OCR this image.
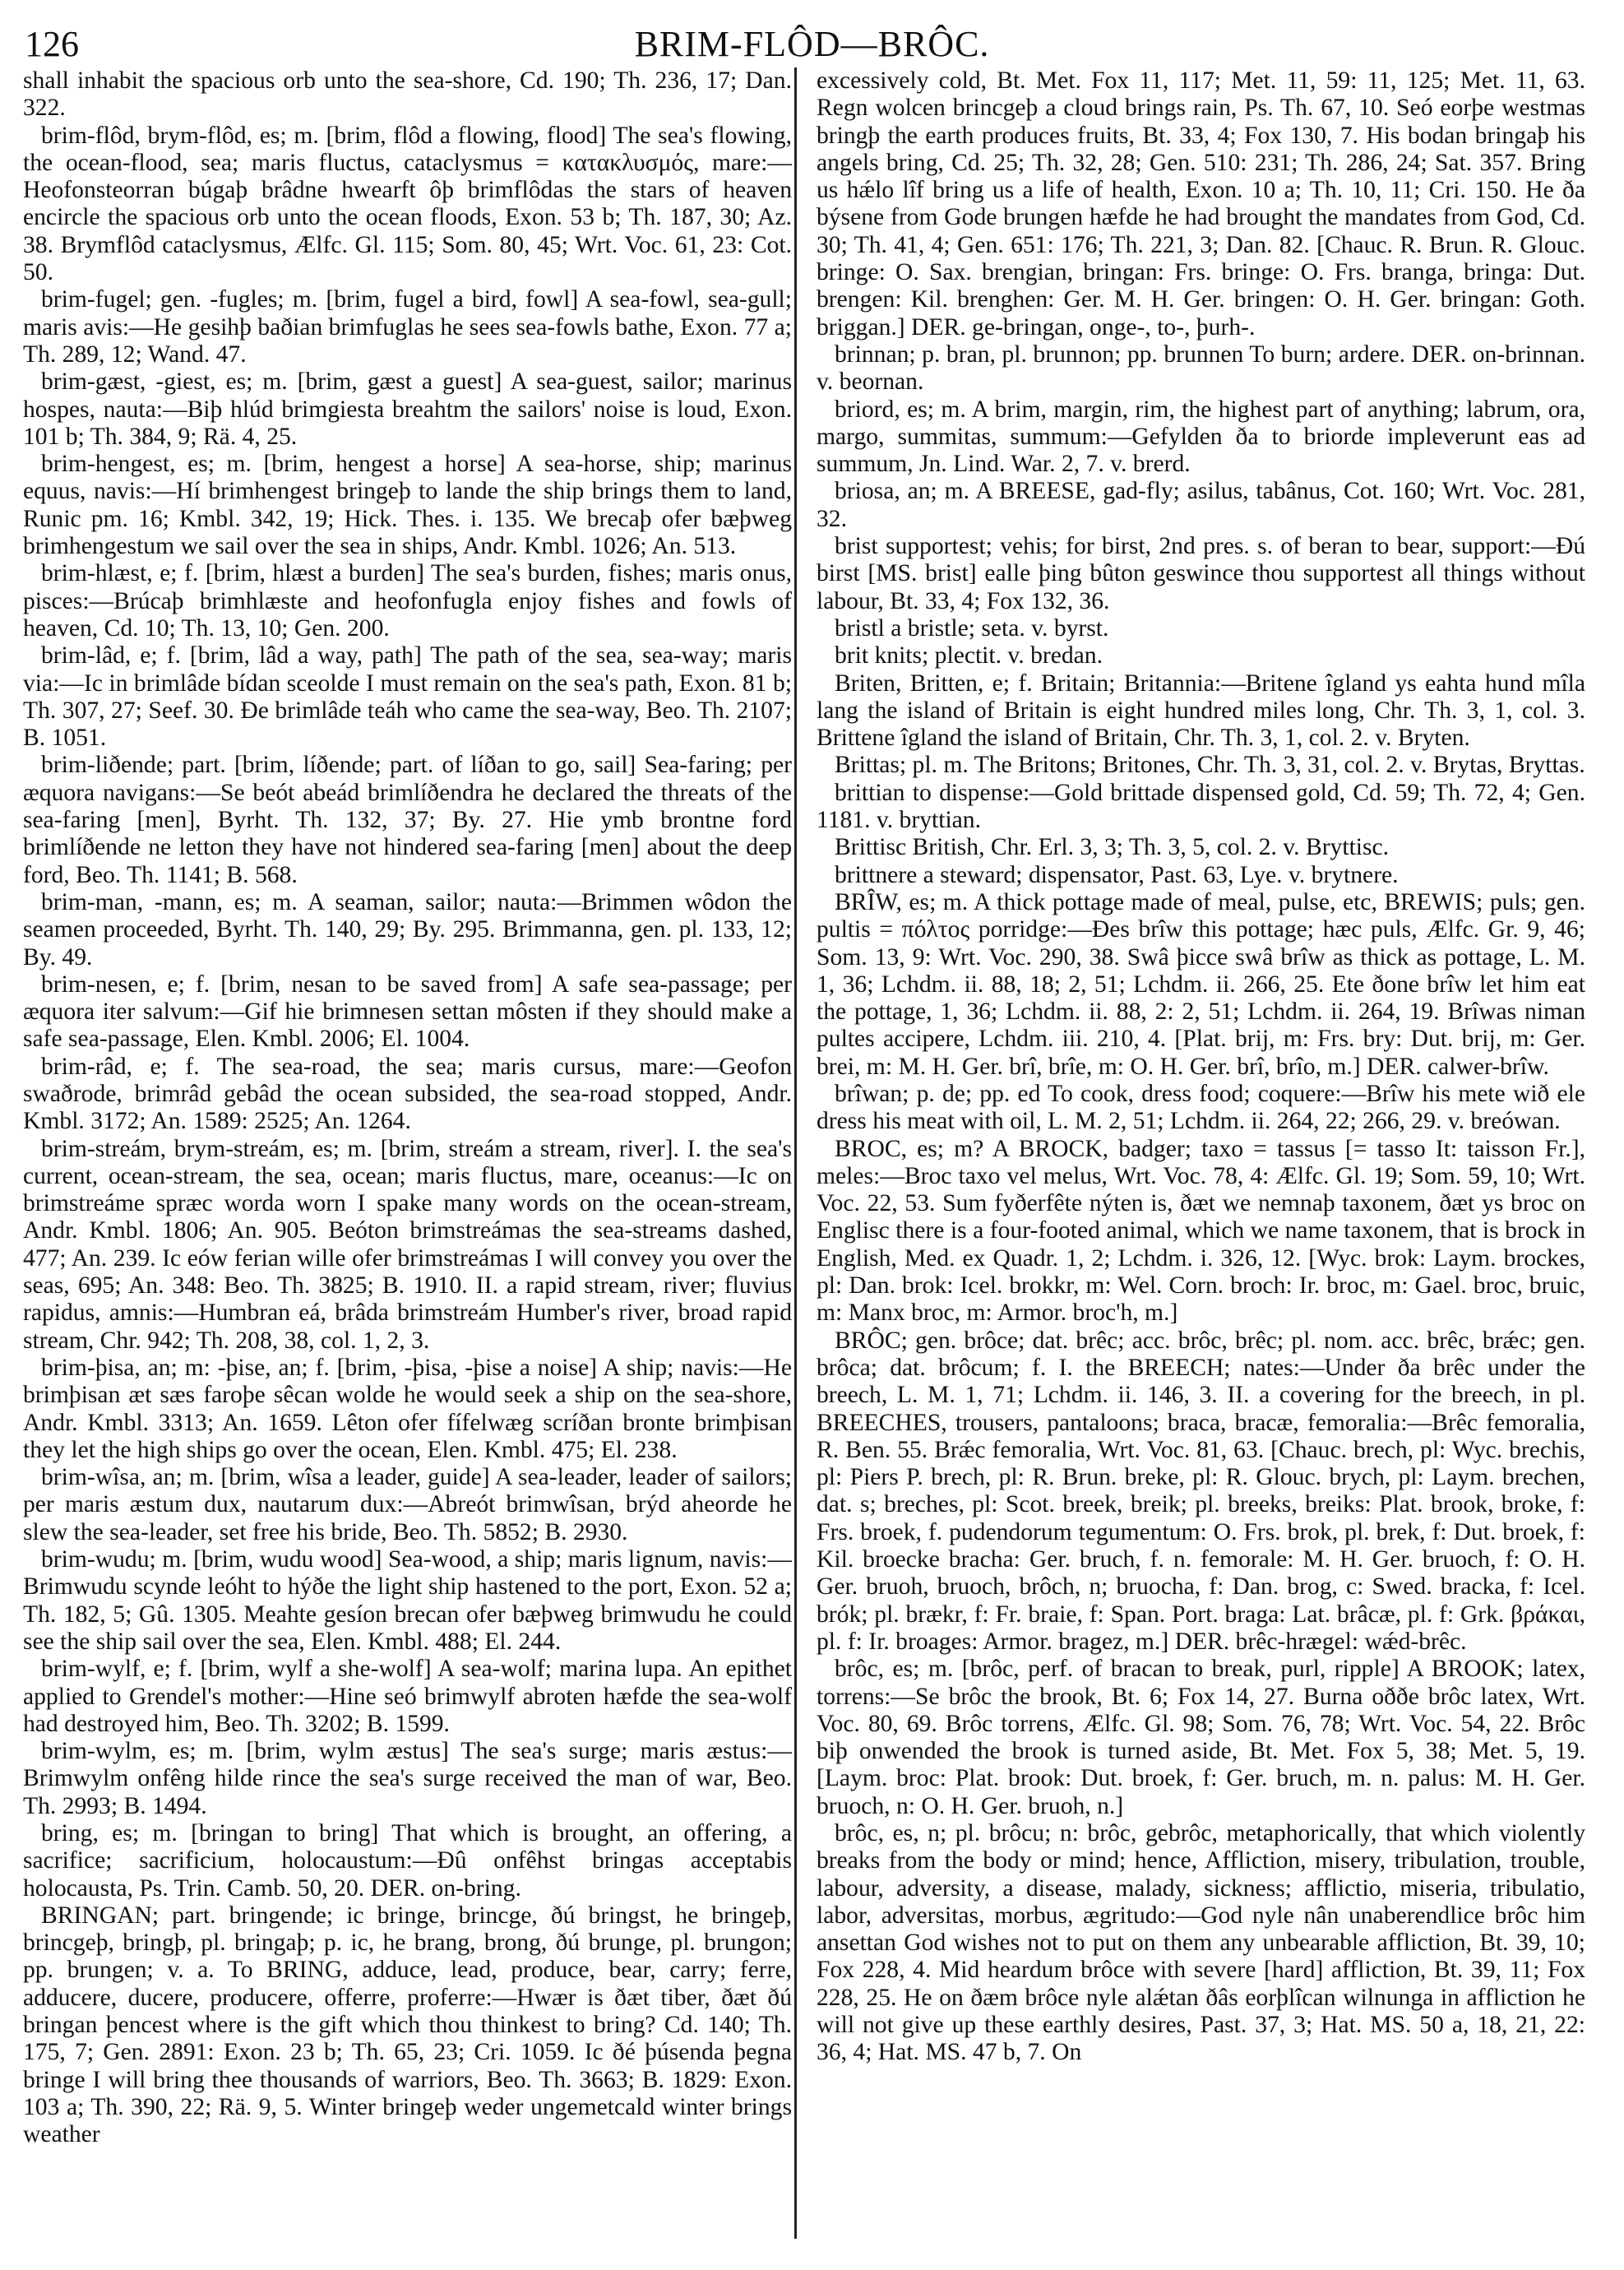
126	BRIM-FLÔD—BRÔC.

shall inhabit the spacious orb unto the sea-shore, Cd. 190; Th. 236, 17; Dan. 322.

brim-flôd, brym-flôd, es; m. [brim, flôd a flowing, flood] The sea's flowing, the ocean-flood, sea; maris fluctus, cataclysmus = κατακλυσμός, mare:—Heofonsteorran búgaþ brâdne hwearft ôþ brimflôdas the stars of heaven encircle the spacious orb unto the ocean floods, Exon. 53 b; Th. 187, 30; Az. 38. Brymflôd cataclysmus, Ælfc. Gl. 115; Som. 80, 45; Wrt. Voc. 61, 23: Cot. 50.

brim-fugel; gen. -fugles; m. [brim, fugel a bird, fowl] A sea-fowl, sea-gull; maris avis:—He gesihþ baðian brimfuglas he sees sea-fowls bathe, Exon. 77 a; Th. 289, 12; Wand. 47.

brim-gæst, -giest, es; m. [brim, gæst a guest] A sea-guest, sailor; marinus hospes, nauta:—Biþ hlúd brimgiesta breahtm the sailors' noise is loud, Exon. 101 b; Th. 384, 9; Rä. 4, 25.

brim-hengest, es; m. [brim, hengest a horse] A sea-horse, ship; marinus equus, navis:—Hí brimhengest bringeþ to lande the ship brings them to land, Runic pm. 16; Kmbl. 342, 19; Hick. Thes. i. 135. We brecaþ ofer bæþweg brimhengestum we sail over the sea in ships, Andr. Kmbl. 1026; An. 513.

brim-hlæst, e; f. [brim, hlæst a burden] The sea's burden, fishes; maris onus, pisces:—Brúcaþ brimhlæste and heofonfugla enjoy fishes and fowls of heaven, Cd. 10; Th. 13, 10; Gen. 200.

brim-lâd, e; f. [brim, lâd a way, path] The path of the sea, sea-way; maris via:—Ic in brimlâde bídan sceolde I must remain on the sea's path, Exon. 81 b; Th. 307, 27; Seef. 30. Ðe brimlâde teáh who came the sea-way, Beo. Th. 2107; B. 1051.

brim-liðende; part. [brim, líðende; part. of líðan to go, sail] Sea-faring; per æquora navigans:—Se beót abeád brimlíðendra he declared the threats of the sea-faring [men], Byrht. Th. 132, 37; By. 27. Hie ymb brontne ford brimlíðende ne letton they have not hindered sea-faring [men] about the deep ford, Beo. Th. 1141; B. 568.

brim-man, -mann, es; m. A seaman, sailor; nauta:—Brimmen wôdon the seamen proceeded, Byrht. Th. 140, 29; By. 295. Brimmanna, gen. pl. 133, 12; By. 49.

brim-nesen, e; f. [brim, nesan to be saved from] A safe sea-passage; per æquora iter salvum:—Gif hie brimnesen settan môsten if they should make a safe sea-passage, Elen. Kmbl. 2006; El. 1004.

brim-râd, e; f. The sea-road, the sea; maris cursus, mare:—Geofon swaðrode, brimrâd gebâd the ocean subsided, the sea-road stopped, Andr. Kmbl. 3172; An. 1589: 2525; An. 1264.

brim-streám, brym-streám, es; m. [brim, streám a stream, river]. I. the sea's current, ocean-stream, the sea, ocean; maris fluctus, mare, oceanus:—Ic on brimstreáme spræc worda worn I spake many words on the ocean-stream, Andr. Kmbl. 1806; An. 905. Beóton brimstreámas the sea-streams dashed, 477; An. 239. Ic eów ferian wille ofer brimstreámas I will convey you over the seas, 695; An. 348: Beo. Th. 3825; B. 1910. II. a rapid stream, river; fluvius rapidus, amnis:—Humbran eá, brâda brimstreám Humber's river, broad rapid stream, Chr. 942; Th. 208, 38, col. 1, 2, 3.

brim-þisa, an; m: -þise, an; f. [brim, -þisa, -þise a noise] A ship; navis:—He brimþisan æt sæs faroþe sêcan wolde he would seek a ship on the sea-shore, Andr. Kmbl. 3313; An. 1659. Lêton ofer fífelwæg scríðan bronte brimþisan they let the high ships go over the ocean, Elen. Kmbl. 475; El. 238.

brim-wîsa, an; m. [brim, wîsa a leader, guide] A sea-leader, leader of sailors; per maris æstum dux, nautarum dux:—Abreót brimwîsan, brýd aheorde he slew the sea-leader, set free his bride, Beo. Th. 5852; B. 2930.

brim-wudu; m. [brim, wudu wood] Sea-wood, a ship; maris lignum, navis:—Brimwudu scynde leóht to hýðe the light ship hastened to the port, Exon. 52 a; Th. 182, 5; Gû. 1305. Meahte gesíon brecan ofer bæþweg brimwudu he could see the ship sail over the sea, Elen. Kmbl. 488; El. 244.

brim-wylf, e; f. [brim, wylf a she-wolf] A sea-wolf; marina lupa. An epithet applied to Grendel's mother:—Hine seó brimwylf abroten hæfde the sea-wolf had destroyed him, Beo. Th. 3202; B. 1599.

brim-wylm, es; m. [brim, wylm æstus] The sea's surge; maris æstus:—Brimwylm onfêng hilde rince the sea's surge received the man of war, Beo. Th. 2993; B. 1494.

bring, es; m. [bringan to bring] That which is brought, an offering, a sacrifice; sacrificium, holocaustum:—Ðû onfêhst bringas acceptabis holocausta, Ps. Trin. Camb. 50, 20. DER. on-bring.

BRINGAN; part. bringende; ic bringe, brincge, ðú bringst, he bringeþ, brincgeþ, bringþ, pl. bringaþ; p. ic, he brang, brong, ðú brunge, pl. brungon; pp. brungen; v. a. To BRING, adduce, lead, produce, bear, carry; ferre, adducere, ducere, producere, offerre, proferre:—Hwær is ðæt tiber, ðæt ðú bringan þencest where is the gift which thou thinkest to bring? Cd. 140; Th. 175, 7; Gen. 2891: Exon. 23 b; Th. 65, 23; Cri. 1059. Ic ðé þúsenda þegna bringe I will bring thee thousands of warriors, Beo. Th. 3663; B. 1829: Exon. 103 a; Th. 390, 22; Rä. 9, 5. Winter bringeþ weder ungemetcald winter brings weather

excessively cold, Bt. Met. Fox 11, 117; Met. 11, 59: 11, 125; Met. 11, 63. Regn wolcen brincgeþ a cloud brings rain, Ps. Th. 67, 10. Seó eorþe westmas bringþ the earth produces fruits, Bt. 33, 4; Fox 130, 7. His bodan bringaþ his angels bring, Cd. 25; Th. 32, 28; Gen. 510: 231; Th. 286, 24; Sat. 357. Bring us hǽlo lîf bring us a life of health, Exon. 10 a; Th. 10, 11; Cri. 150. He ða býsene from Gode brungen hæfde he had brought the mandates from God, Cd. 30; Th. 41, 4; Gen. 651: 176; Th. 221, 3; Dan. 82. [Chauc. R. Brun. R. Glouc. bringe: O. Sax. brengian, bringan: Frs. bringe: O. Frs. branga, bringa: Dut. brengen: Kil. brenghen: Ger. M. H. Ger. bringen: O. H. Ger. bringan: Goth. briggan.] DER. ge-bringan, onge-, to-, þurh-.

brinnan; p. bran, pl. brunnon; pp. brunnen To burn; ardere. DER. on-brinnan. v. beornan.

briord, es; m. A brim, margin, rim, the highest part of anything; labrum, ora, margo, summitas, summum:—Gefylden ða to briorde impleverunt eas ad summum, Jn. Lind. War. 2, 7. v. brerd.

briosa, an; m. A BREESE, gad-fly; asilus, tabânus, Cot. 160; Wrt. Voc. 281, 32.

brist supportest; vehis; for birst, 2nd pres. s. of beran to bear, support:—Ðú birst [MS. brist] ealle þing bûton geswince thou supportest all things without labour, Bt. 33, 4; Fox 132, 36.

bristl a bristle; seta. v. byrst.

brit knits; plectit. v. bredan.

Briten, Britten, e; f. Britain; Britannia:—Britene îgland ys eahta hund mîla lang the island of Britain is eight hundred miles long, Chr. Th. 3, 1, col. 3. Brittene îgland the island of Britain, Chr. Th. 3, 1, col. 2. v. Bryten.

Brittas; pl. m. The Britons; Britones, Chr. Th. 3, 31, col. 2. v. Brytas, Bryttas.

brittian to dispense:—Gold brittade dispensed gold, Cd. 59; Th. 72, 4; Gen. 1181. v. bryttian.

Brittisc British, Chr. Erl. 3, 3; Th. 3, 5, col. 2. v. Bryttisc.

brittnere a steward; dispensator, Past. 63, Lye. v. brytnere.

BRÎW, es; m. A thick pottage made of meal, pulse, etc, BREWIS; puls; gen. pultis = πόλτος porridge:—Ðes brîw this pottage; hæc puls, Ælfc. Gr. 9, 46; Som. 13, 9: Wrt. Voc. 290, 38. Swâ þicce swâ brîw as thick as pottage, L. M. 1, 36; Lchdm. ii. 88, 18; 2, 51; Lchdm. ii. 266, 25. Ete ðone brîw let him eat the pottage, 1, 36; Lchdm. ii. 88, 2: 2, 51; Lchdm. ii. 264, 19. Brîwas niman pultes accipere, Lchdm. iii. 210, 4. [Plat. brij, m: Frs. bry: Dut. brij, m: Ger. brei, m: M. H. Ger. brî, brîe, m: O. H. Ger. brî, brîo, m.] DER. calwer-brîw.

brîwan; p. de; pp. ed To cook, dress food; coquere:—Brîw his mete wið ele dress his meat with oil, L. M. 2, 51; Lchdm. ii. 264, 22; 266, 29. v. breówan.

BROC, es; m? A BROCK, badger; taxo = tassus [= tasso It: taisson Fr.], meles:—Broc taxo vel melus, Wrt. Voc. 78, 4: Ælfc. Gl. 19; Som. 59, 10; Wrt. Voc. 22, 53. Sum fyðerfête nýten is, ðæt we nemnaþ taxonem, ðæt ys broc on Englisc there is a four-footed animal, which we name taxonem, that is brock in English, Med. ex Quadr. 1, 2; Lchdm. i. 326, 12. [Wyc. brok: Laym. brockes, pl: Dan. brok: Icel. brokkr, m: Wel. Corn. broch: Ir. broc, m: Gael. broc, bruic, m: Manx broc, m: Armor. broc'h, m.]

BRÔC; gen. brôce; dat. brêc; acc. brôc, brêc; pl. nom. acc. brêc, brǽc; gen. brôca; dat. brôcum; f. I. the BREECH; nates:—Under ða brêc under the breech, L. M. 1, 71; Lchdm. ii. 146, 3. II. a covering for the breech, in pl. BREECHES, trousers, pantaloons; braca, bracæ, femoralia:—Brêc femoralia, R. Ben. 55. Brǽc femoralia, Wrt. Voc. 81, 63. [Chauc. brech, pl: Wyc. brechis, pl: Piers P. brech, pl: R. Brun. breke, pl: R. Glouc. brych, pl: Laym. brechen, dat. s; breches, pl: Scot. breek, breik; pl. breeks, breiks: Plat. brook, broke, f: Frs. broek, f. pudendorum tegumentum: O. Frs. brok, pl. brek, f: Dut. broek, f: Kil. broecke bracha: Ger. bruch, f. n. femorale: M. H. Ger. bruoch, f: O. H. Ger. bruoh, bruoch, brôch, n; bruocha, f: Dan. brog, c: Swed. bracka, f: Icel. brók; pl. brækr, f: Fr. braie, f: Span. Port. braga: Lat. brâcæ, pl. f: Grk. βράκαι, pl. f: Ir. broages: Armor. bragez, m.] DER. brêc-hrægel: wǽd-brêc.

brôc, es; m. [brôc, perf. of bracan to break, purl, ripple] A BROOK; latex, torrens:—Se brôc the brook, Bt. 6; Fox 14, 27. Burna oððe brôc latex, Wrt. Voc. 80, 69. Brôc torrens, Ælfc. Gl. 98; Som. 76, 78; Wrt. Voc. 54, 22. Brôc biþ onwended the brook is turned aside, Bt. Met. Fox 5, 38; Met. 5, 19. [Laym. broc: Plat. brook: Dut. broek, f: Ger. bruch, m. n. palus: M. H. Ger. bruoch, n: O. H. Ger. bruoh, n.]

brôc, es, n; pl. brôcu; n: brôc, gebrôc, metaphorically, that which violently breaks from the body or mind; hence, Affliction, misery, tribulation, trouble, labour, adversity, a disease, malady, sickness; afflictio, miseria, tribulatio, labor, adversitas, morbus, ægritudo:—God nyle nân unaberendlice brôc him ansettan God wishes not to put on them any unbearable affliction, Bt. 39, 10; Fox 228, 4. Mid heardum brôce with severe [hard] affliction, Bt. 39, 11; Fox 228, 25. He on ðæm brôce nyle alǽtan ðâs eorþlîcan wilnunga in affliction he will not give up these earthly desires, Past. 37, 3; Hat. MS. 50 a, 18, 21, 22: 36, 4; Hat. MS. 47 b, 7. On
